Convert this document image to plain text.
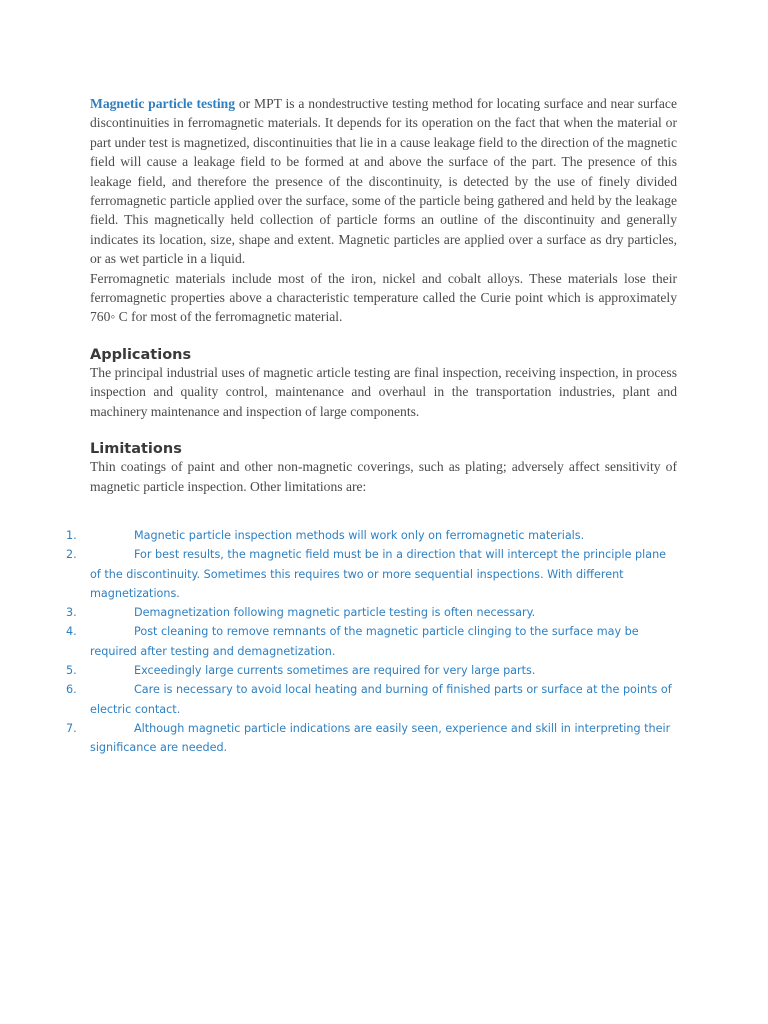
Magnetic particle testing or MPT is a nondestructive testing method for locating surface and near surface discontinuities in ferromagnetic materials. It depends for its operation on the fact that when the material or part under test is magnetized, discontinuities that lie in a cause leakage field to the direction of the magnetic field will cause a leakage field to be formed at and above the surface of the part. The presence of this leakage field, and therefore the presence of the discontinuity, is detected by the use of finely divided ferromagnetic particle applied over the surface, some of the particle being gathered and held by the leakage field. This magnetically held collection of particle forms an outline of the discontinuity and generally indicates its location, size, shape and extent. Magnetic particles are applied over a surface as dry particles, or as wet particle in a liquid.
Ferromagnetic materials include most of the iron, nickel and cobalt alloys. These materials lose their ferromagnetic properties above a characteristic temperature called the Curie point which is approximately 760◦ C for most of the ferromagnetic material.

Applications

The principal industrial uses of magnetic article testing are final inspection, receiving inspection, in process inspection and quality control, maintenance and overhaul in the transportation industries, plant and machinery maintenance and inspection of large components.

Limitations

Thin coatings of paint and other non-magnetic coverings, such as plating; adversely affect sensitivity of magnetic particle inspection. Other limitations are:

1.	Magnetic particle inspection methods will work only on ferromagnetic materials.
2.	For best results, the magnetic field must be in a direction that will intercept the principle plane of the discontinuity. Sometimes this requires two or more sequential inspections. With different magnetizations.
3.	Demagnetization following magnetic particle testing is often necessary.
4.	Post cleaning to remove remnants of the magnetic particle clinging to the surface may be required after testing and demagnetization.
5.	Exceedingly large currents sometimes are required for very large parts.
6.	Care is necessary to avoid local heating and burning of finished parts or surface at the points of electric contact.
7.	Although magnetic particle indications are easily seen, experience and skill in interpreting their significance are needed.
